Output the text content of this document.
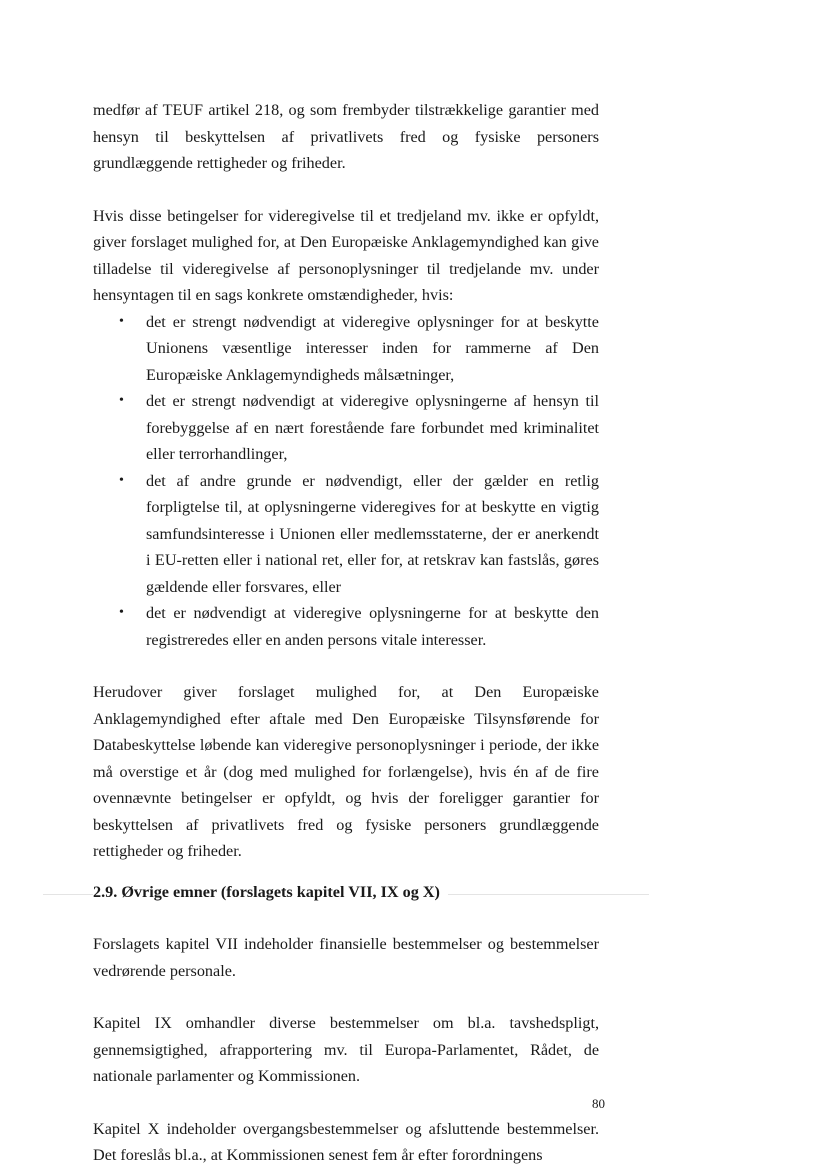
medfør af TEUF artikel 218, og som frembyder tilstrækkelige garantier med hensyn til beskyttelsen af privatlivets fred og fysiske personers grundlæggende rettigheder og friheder.

Hvis disse betingelser for videregivelse til et tredjeland mv. ikke er opfyldt, giver forslaget mulighed for, at Den Europæiske Anklagemyndighed kan give tilladelse til videregivelse af personoplysninger til tredjelande mv. under hensyntagen til en sags konkrete omstændigheder, hvis:

• det er strengt nødvendigt at videregive oplysninger for at beskytte Unionens væsentlige interesser inden for rammerne af Den Europæiske Anklagemyndigheds målsætninger,
• det er strengt nødvendigt at videregive oplysningerne af hensyn til forebyggelse af en nært forestående fare forbundet med kriminalitet eller terrorhandlinger,
• det af andre grunde er nødvendigt, eller der gælder en retlig forpligtelse til, at oplysningerne videregives for at beskytte en vigtig samfundsinteresse i Unionen eller medlemsstaterne, der er anerkendt i EU-retten eller i national ret, eller for, at retskrav kan fastslås, gøres gældende eller forsvares, eller
• det er nødvendigt at videregive oplysningerne for at beskytte den registreredes eller en anden persons vitale interesser.

Herudover giver forslaget mulighed for, at Den Europæiske Anklagemyndighed efter aftale med Den Europæiske Tilsynsførende for Databeskyttelse løbende kan videregive personoplysninger i periode, der ikke må overstige et år (dog med mulighed for forlængelse), hvis én af de fire ovennævnte betingelser er opfyldt, og hvis der foreligger garantier for beskyttelsen af privatlivets fred og fysiske personers grundlæggende rettigheder og friheder.

2.9. Øvrige emner (forslagets kapitel VII, IX og X)

Forslagets kapitel VII indeholder finansielle bestemmelser og bestemmelser vedrørende personale.

Kapitel IX omhandler diverse bestemmelser om bl.a. tavshedspligt, gennemsigtighed, afrapportering mv. til Europa-Parlamentet, Rådet, de nationale parlamenter og Kommissionen.

Kapitel X indeholder overgangsbestemmelser og afsluttende bestemmelser. Det foreslås bl.a., at Kommissionen senest fem år efter forordningens

80
